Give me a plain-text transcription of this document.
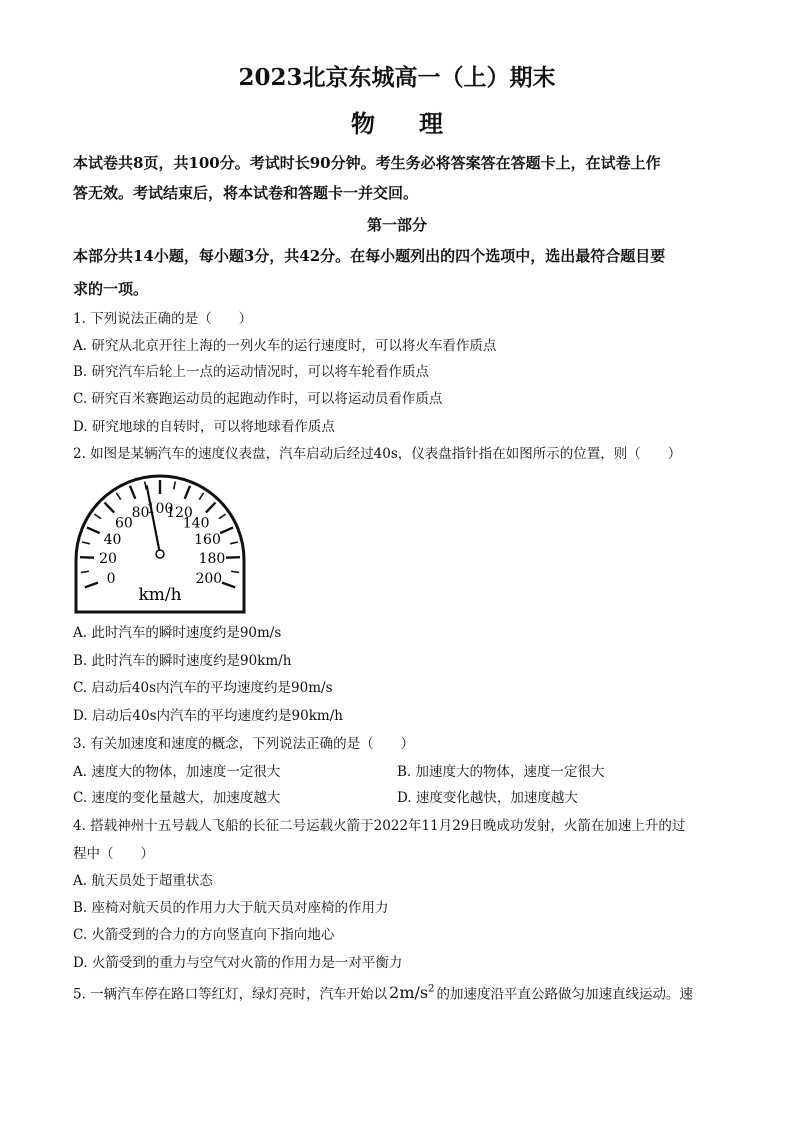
2023北京东城高一（上）期末
物 理
本试卷共8页，共100分。考试时长90分钟。考生务必将答案答在答题卡上，在试卷上作
答无效。考试结束后，将本试卷和答题卡一并交回。
第一部分
本部分共14小题，每小题3分，共42分。在每小题列出的四个选项中，选出最符合题目要
求的一项。
1. 下列说法正确的是（　　）
A. 研究从北京开往上海的一列火车的运行速度时，可以将火车看作质点
B. 研究汽车后轮上一点的运动情况时，可以将车轮看作质点
C. 研究百米赛跑运动员的起跑动作时，可以将运动员看作质点
D. 研究地球的自转时，可以将地球看作质点
2. 如图是某辆汽车的速度仪表盘，汽车启动后经过40s，仪表盘指针指在如图所示的位置，则（　　）
0
20
40
60
80
100
120
140
160
180
200
km/h
A. 此时汽车的瞬时速度约是90m/s
B. 此时汽车的瞬时速度约是90km/h
C. 启动后40s内汽车的平均速度约是90m/s
D. 启动后40s内汽车的平均速度约是90km/h
3. 有关加速度和速度的概念，下列说法正确的是（　　）
A. 速度大的物体，加速度一定很大	B. 加速度大的物体，速度一定很大
C. 速度的变化量越大，加速度越大	D. 速度变化越快，加速度越大
4. 搭载神州十五号载人飞船的长征二号运载火箭于2022年11月29日晚成功发射，火箭在加速上升的过
程中（　　）
A. 航天员处于超重状态
B. 座椅对航天员的作用力大于航天员对座椅的作用力
C. 火箭受到的合力的方向竖直向下指向地心
D. 火箭受到的重力与空气对火箭的作用力是一对平衡力
5. 一辆汽车停在路口等红灯，绿灯亮时，汽车开始以 $2m/s^2$ 的加速度沿平直公路做匀加速直线运动。速
